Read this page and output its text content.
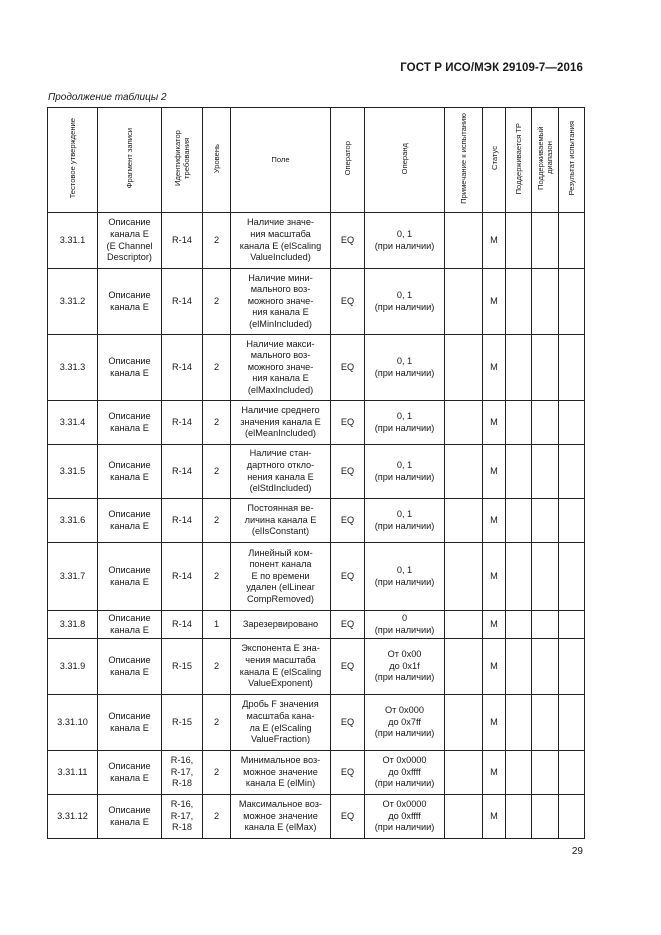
ГОСТ Р ИСО/МЭК 29109-7—2016
Продолжение таблицы 2
Тестовое утверждение	Фрагмент записи	Идентификатор требования	Уровень	Поле	Оператор	Операнд	Примечание к испытанию	Статус	Поддерживается ТР	Поддерживаемый диапазон	Результат испытания
3.31.1	Описание
канала E
(E Channel
Descriptor)	R-14	2	Наличие значе-
ния масштаба
канала E (elScaling
ValueIncluded)	EQ	0, 1
(при наличии)		M			
3.31.2	Описание
канала E	R-14	2	Наличие мини-
мального воз-
можного значе-
ния канала E
(elMinIncluded)	EQ	0, 1
(при наличии)		M			
3.31.3	Описание
канала E	R-14	2	Наличие макси-
мального воз-
можного значе-
ния канала E
(elMaxIncluded)	EQ	0, 1
(при наличии)		M			
3.31.4	Описание
канала E	R-14	2	Наличие среднего
значения канала E
(elMeanIncluded)	EQ	0, 1
(при наличии)		M			
3.31.5	Описание
канала E	R-14	2	Наличие стан-
дартного откло-
нения канала E
(elStdIncluded)	EQ	0, 1
(при наличии)		M			
3.31.6	Описание
канала E	R-14	2	Постоянная ве-
личина канала E
(elIsConstant)	EQ	0, 1
(при наличии)		M			
3.31.7	Описание
канала E	R-14	2	Линейный ком-
понент канала
E по времени
удален (elLinear
CompRemoved)	EQ	0, 1
(при наличии)		M			
3.31.8	Описание
канала E	R-14	1	Зарезервировано	EQ	0
(при наличии)		M			
3.31.9	Описание
канала E	R-15	2	Экспонента E зна-
чения масштаба
канала E (elScaling
ValueExponent)	EQ	От 0x00
до 0x1f
(при наличии)		M			
3.31.10	Описание
канала E	R-15	2	Дробь F значения
масштаба кана-
ла E (elScaling
ValueFraction)	EQ	От 0x000
до 0x7ff
(при наличии)		M			
3.31.11	Описание
канала E	R-16,
R-17,
R-18	2	Минимальное воз-
можное значение
канала E (elMin)	EQ	От 0x0000
до 0xffff
(при наличии)		M			
3.31.12	Описание
канала E	R-16,
R-17,
R-18	2	Максимальное воз-
можное значение
канала E (elMax)	EQ	От 0x0000
до 0xffff
(при наличии)		M			
29
